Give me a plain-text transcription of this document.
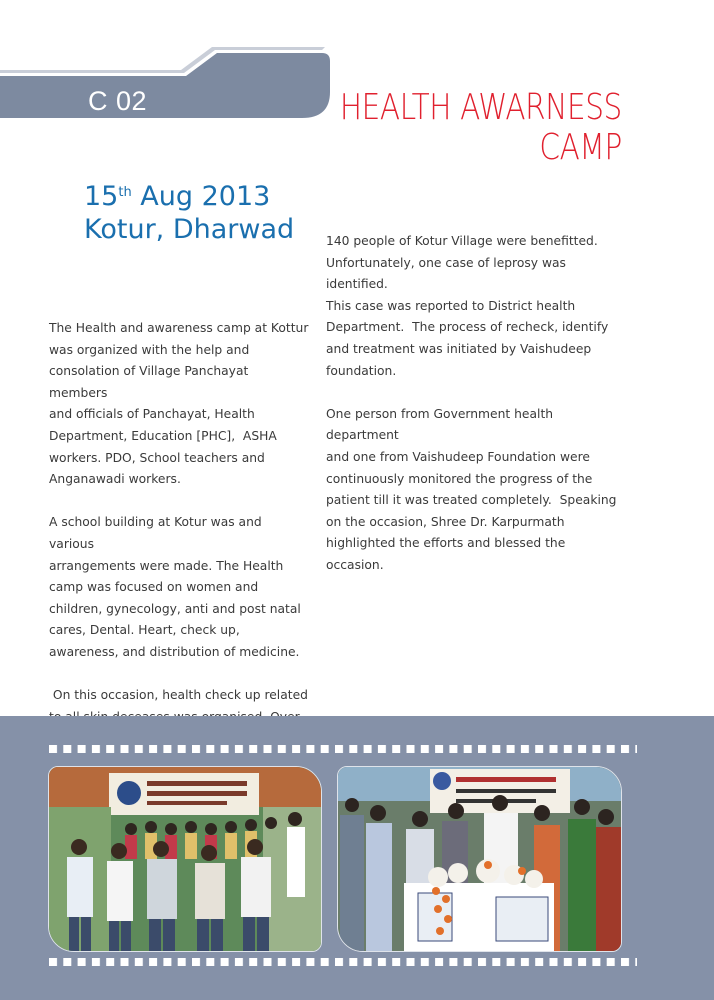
C 02	HEALTH AWARNESS
CAMP
15th Aug 2013
Kotur, Dharwad

The Health and awareness camp at Kottur
was organized with the help and
consolation of Village Panchayat members
and officials of Panchayat, Health
Department, Education [PHC],  ASHA
workers. PDO, School teachers and
Anganawadi workers.

A school building at Kotur was and various
arrangements were made. The Health
camp was focused on women and
children, gynecology, anti and post natal
cares, Dental. Heart, check up,
awareness, and distribution of medicine.

On this occasion, health check up related

140 people of Kotur Village were benefitted.
Unfortunately, one case of leprosy was identified.
This case was reported to District health
Department.  The process of recheck, identify
and treatment was initiated by Vaishudeep
foundation.

One person from Government health department
and one from Vaishudeep Foundation were
continuously monitored the progress of the
patient till it was treated completely.  Speaking
on the occasion, Shree Dr. Karpurmath
highlighted the efforts and blessed the occasion.
